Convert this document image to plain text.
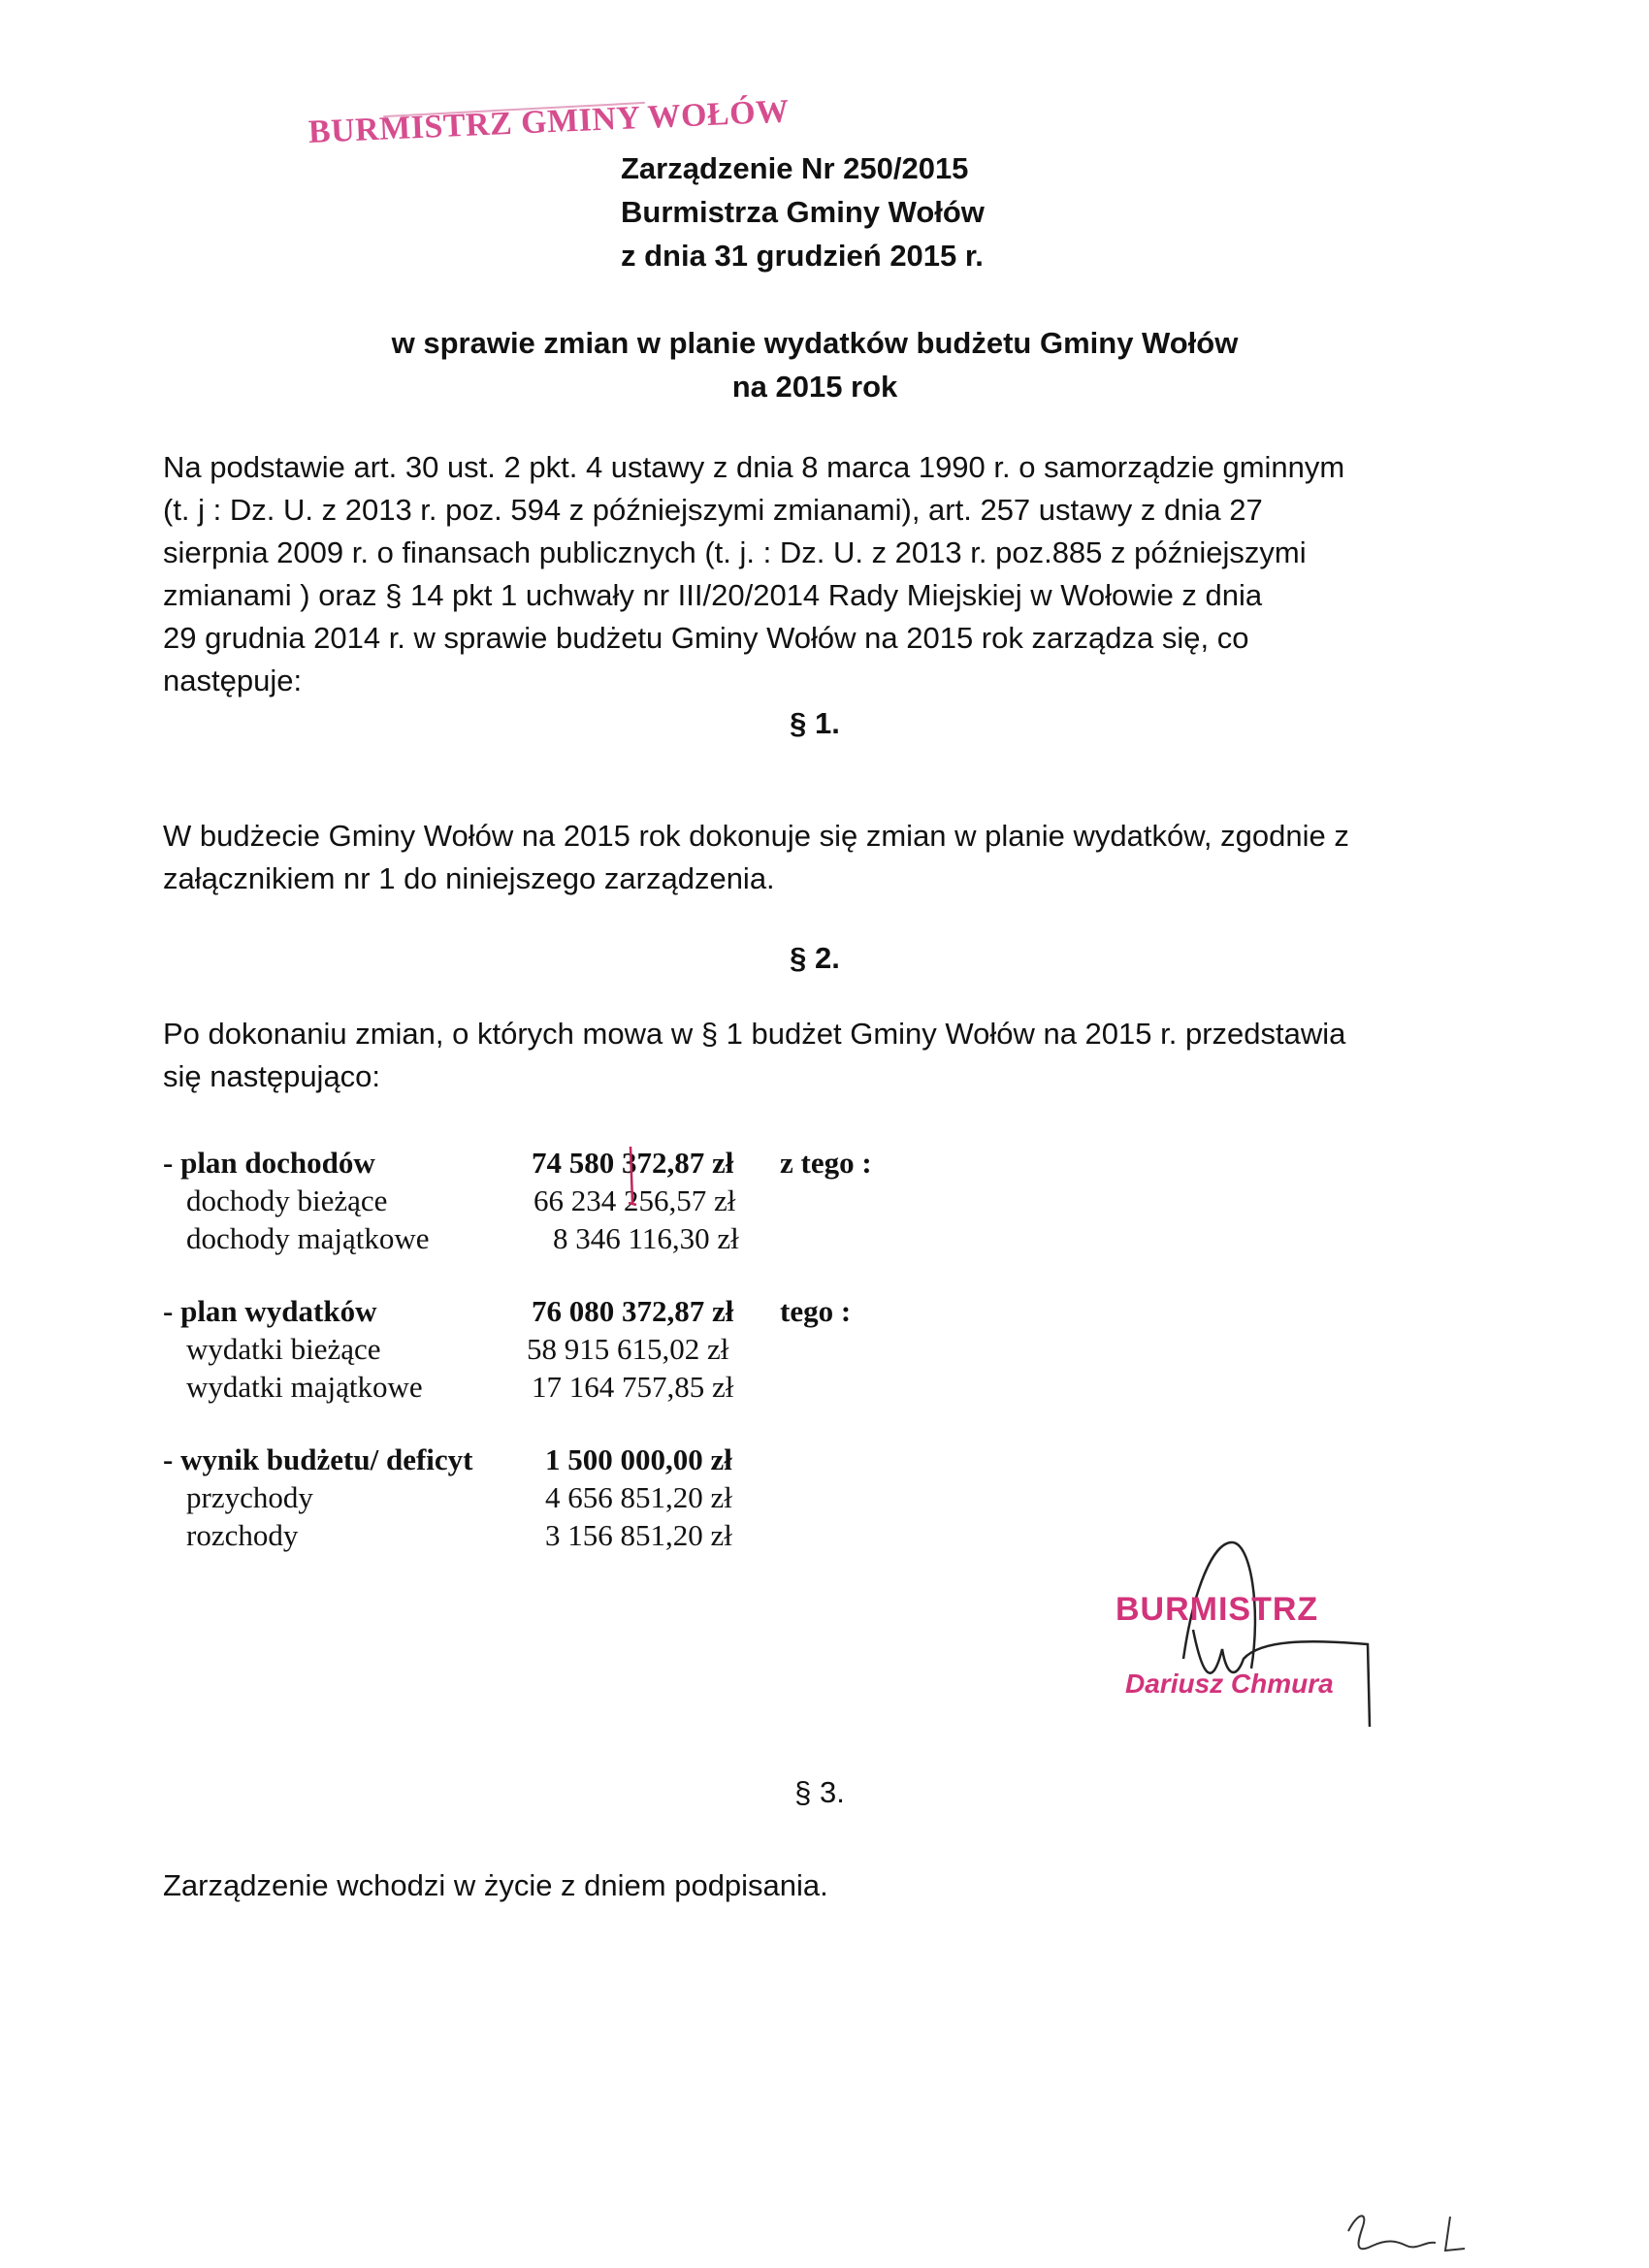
BURMISTRZ GMINY WOŁÓW
Zarządzenie Nr 250/2015
Burmistrza Gminy Wołów
z dnia 31 grudzień 2015 r.
w sprawie zmian w planie wydatków budżetu Gminy Wołów
na 2015 rok
Na podstawie art. 30 ust. 2 pkt. 4 ustawy z dnia 8 marca 1990 r. o samorządzie gminnym
(t. j : Dz. U. z 2013 r. poz. 594 z późniejszymi zmianami), art. 257 ustawy z dnia 27
sierpnia 2009 r. o finansach publicznych (t. j. : Dz. U. z 2013 r. poz.885 z późniejszymi
zmianami ) oraz § 14 pkt 1 uchwały nr III/20/2014 Rady Miejskiej w Wołowie z dnia
29 grudnia 2014 r. w sprawie budżetu Gminy Wołów na 2015 rok zarządza się, co
następuje:
§ 1.
W budżecie Gminy Wołów na 2015 rok dokonuje się zmian w planie wydatków, zgodnie z
załącznikiem nr 1 do niniejszego zarządzenia.
§ 2.
Po dokonaniu zmian, o których mowa w § 1 budżet Gminy Wołów na 2015 r. przedstawia
się następująco:
- plan dochodów	74 580 372,87 zł z tego :
dochody bieżące	66 234 256,57 zł
dochody majątkowe	8 346 116,30 zł
- plan wydatków	76 080 372,87 zł tego :
wydatki bieżące	58 915 615,02 zł
wydatki majątkowe	17 164 757,85 zł
- wynik budżetu/ deficyt 1 500 000,00 zł
przychody	4 656 851,20 zł
rozchody	3 156 851,20 zł
BURMISTRZ
Dariusz Chmura
§ 3.
Zarządzenie wchodzi w życie z dniem podpisania.
